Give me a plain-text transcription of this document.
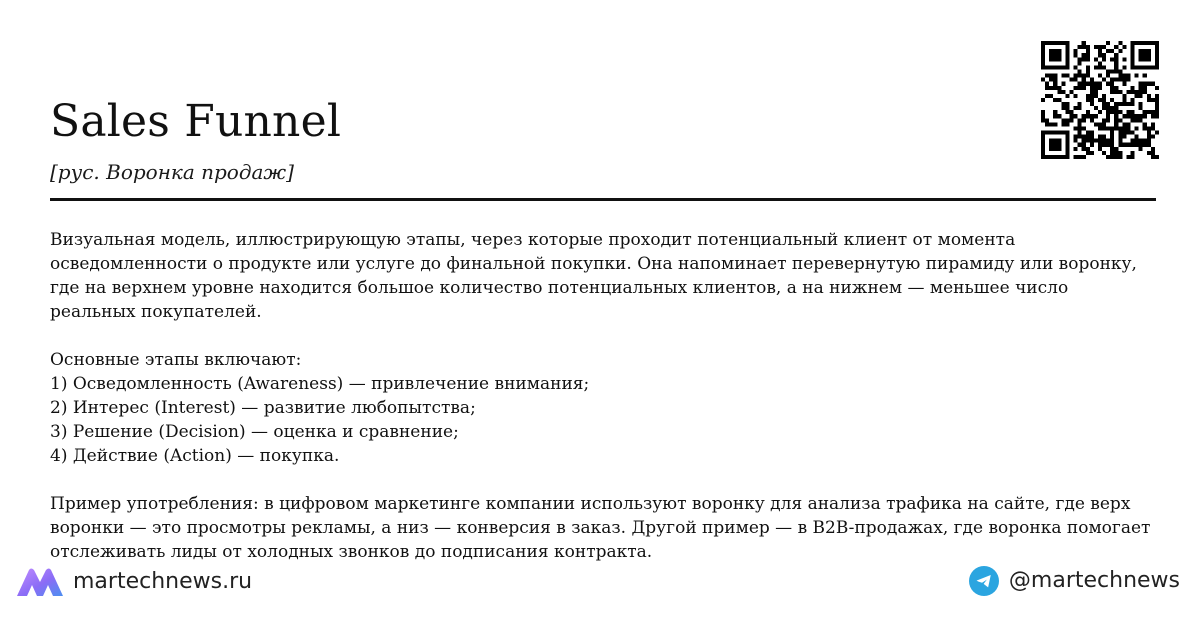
Sales Funnel
[рус. Воронка продаж]

Визуальная модель, иллюстрирующую этапы, через которые проходит потенциальный клиент от момента осведомленности о продукте или услуге до финальной покупки. Она напоминает перевернутую пирамиду или воронку, где на верхнем уровне находится большое количество потенциальных клиентов, а на нижнем — меньшее число реальных покупателей.

Основные этапы включают:

1) Осведомленность (Awareness) — привлечение внимания;
2) Интерес (Interest) — развитие любопытства;
3) Решение (Decision) — оценка и сравнение;
4) Действие (Action) — покупка.

Пример употребления: в цифровом маркетинге компании используют воронку для анализа трафика на сайте, где верх воронки — это просмотры рекламы, а низ — конверсия в заказ. Другой пример — в B2B-продажах, где воронка помогает отслеживать лиды от холодных звонков до подписания контракта.

martechnews.ru	@martechnews
